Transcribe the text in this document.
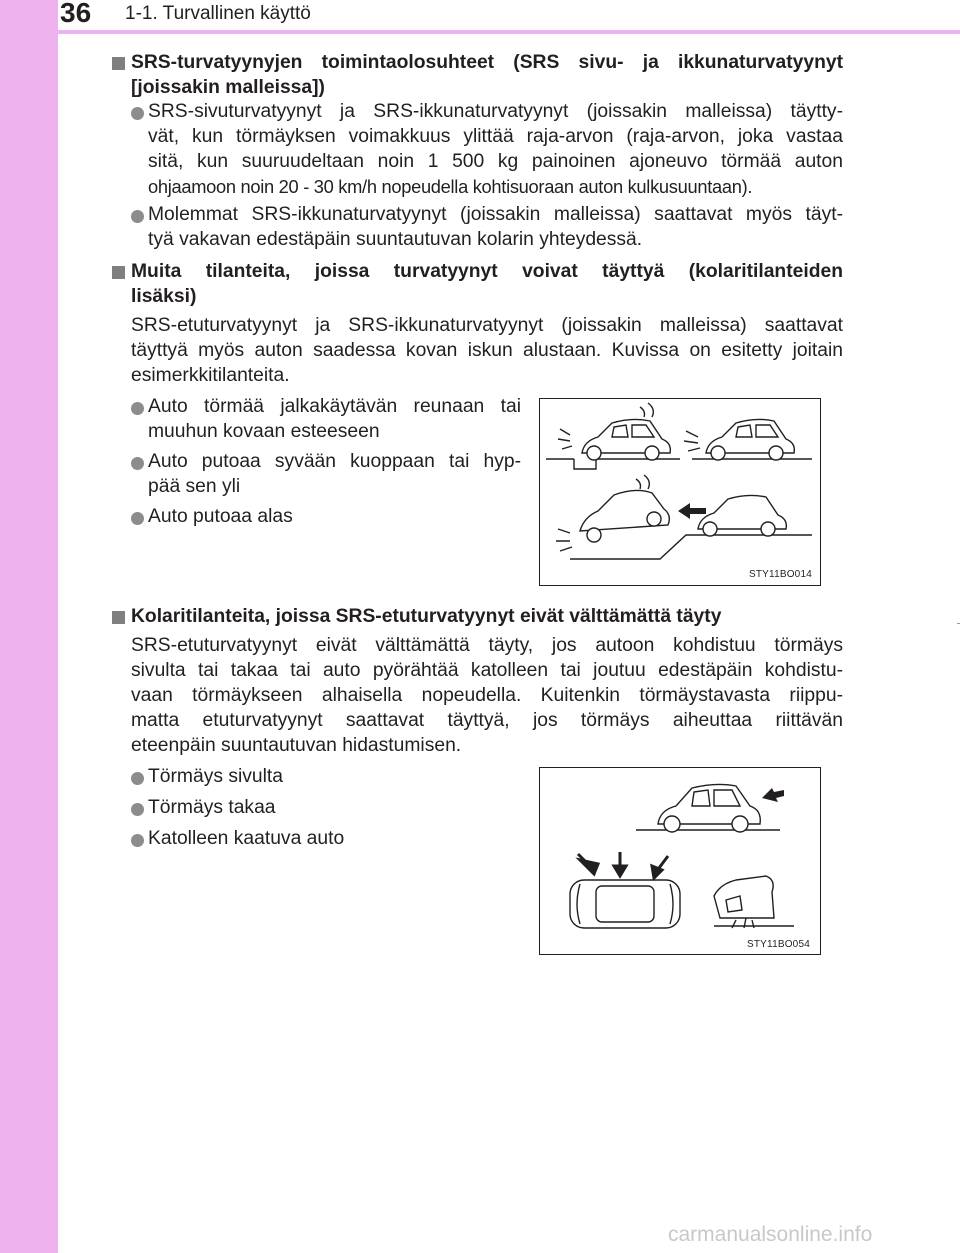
36 1-1. Turvallinen käyttö
SRS-turvatyynyjen toimintaolosuhteet (SRS sivu- ja ikkunaturvatyynyt
[joissakin malleissa])
SRS-sivuturvatyynyt ja SRS-ikkunaturvatyynyt (joissakin malleissa) täytty-
vät, kun törmäyksen voimakkuus ylittää raja-arvon (raja-arvon, joka vastaa
sitä, kun suuruudeltaan noin 1 500 kg painoinen ajoneuvo törmää auton
ohjaamoon noin 20 - 30 km/h nopeudella kohtisuoraan auton kulkusuuntaan).
Molemmat SRS-ikkunaturvatyynyt (joissakin malleissa) saattavat myös täyt-
tyä vakavan edestäpäin suuntautuvan kolarin yhteydessä.
Muita tilanteita, joissa turvatyynyt voivat täyttyä (kolaritilanteiden
lisäksi)
SRS-etuturvatyynyt ja SRS-ikkunaturvatyynyt (joissakin malleissa) saattavat
täyttyä myös auton saadessa kovan iskun alustaan. Kuvissa on esitetty joitain
esimerkkitilanteita.
Auto törmää jalkakäytävän reunaan tai
muuhun kovaan esteeseen
Auto putoaa syvään kuoppaan tai hyp-
pää sen yli
Auto putoaa alas
STY11BO014
Kolaritilanteita, joissa SRS-etuturvatyynyt eivät välttämättä täyty
SRS-etuturvatyynyt eivät välttämättä täyty, jos autoon kohdistuu törmäys
sivulta tai takaa tai auto pyörähtää katolleen tai joutuu edestäpäin kohdistu-
vaan törmäykseen alhaisella nopeudella. Kuitenkin törmäystavasta riippu-
matta etuturvatyynyt saattavat täyttyä, jos törmäys aiheuttaa riittävän
eteenpäin suuntautuvan hidastumisen.
Törmäys sivulta
Törmäys takaa
Katolleen kaatuva auto
STY11BO054
carmanualsonline.info
